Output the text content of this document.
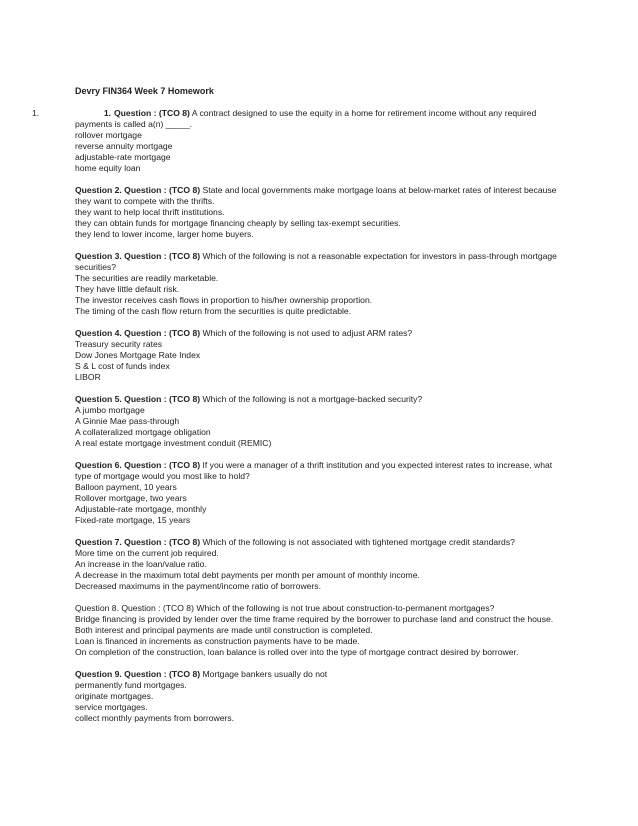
Devry FIN364 Week 7 Homework
1.	1. Question : (TCO 8) A contract designed to use the equity in a home for retirement income without any required payments is called a(n) _____.
rollover mortgage
reverse annuity mortgage
adjustable-rate mortgage
home equity loan
Question 2. Question : (TCO 8) State and local governments make mortgage loans at below-market rates of interest because
they want to compete with the thrifts.
they want to help local thrift institutions.
they can obtain funds for mortgage financing cheaply by selling tax-exempt securities.
they lend to lower income, larger home buyers.
Question 3. Question : (TCO 8) Which of the following is not a reasonable expectation for investors in pass-through mortgage securities?
The securities are readily marketable.
They have little default risk.
The investor receives cash flows in proportion to his/her ownership proportion.
The timing of the cash flow return from the securities is quite predictable.
Question 4. Question : (TCO 8) Which of the following is not used to adjust ARM rates?
Treasury security rates
Dow Jones Mortgage Rate Index
S & L cost of funds index
LIBOR
Question 5. Question : (TCO 8) Which of the following is not a mortgage-backed security?
A jumbo mortgage
A Ginnie Mae pass-through
A collateralized mortgage obligation
A real estate mortgage investment conduit (REMIC)
Question 6. Question : (TCO 8) If you were a manager of a thrift institution and you expected interest rates to increase, what type of mortgage would you most like to hold?
Balloon payment, 10 years
Rollover mortgage, two years
Adjustable-rate mortgage, monthly
Fixed-rate mortgage, 15 years
Question 7. Question : (TCO 8) Which of the following is not associated with tightened mortgage credit standards?
More time on the current job required.
An increase in the loan/value ratio.
A decrease in the maximum total debt payments per month per amount of monthly income.
Decreased maximums in the payment/income ratio of borrowers.
Question 8. Question : (TCO 8) Which of the following is not true about construction-to-permanent mortgages?
Bridge financing is provided by lender over the time frame required by the borrower to purchase land and construct the house.
Both interest and principal payments are made until construction is completed.
Loan is financed in increments as construction payments have to be made.
On completion of the construction, loan balance is rolled over into the type of mortgage contract desired by borrower.
Question 9. Question : (TCO 8) Mortgage bankers usually do not
permanently fund mortgages.
originate mortgages.
service mortgages.
collect monthly payments from borrowers.
